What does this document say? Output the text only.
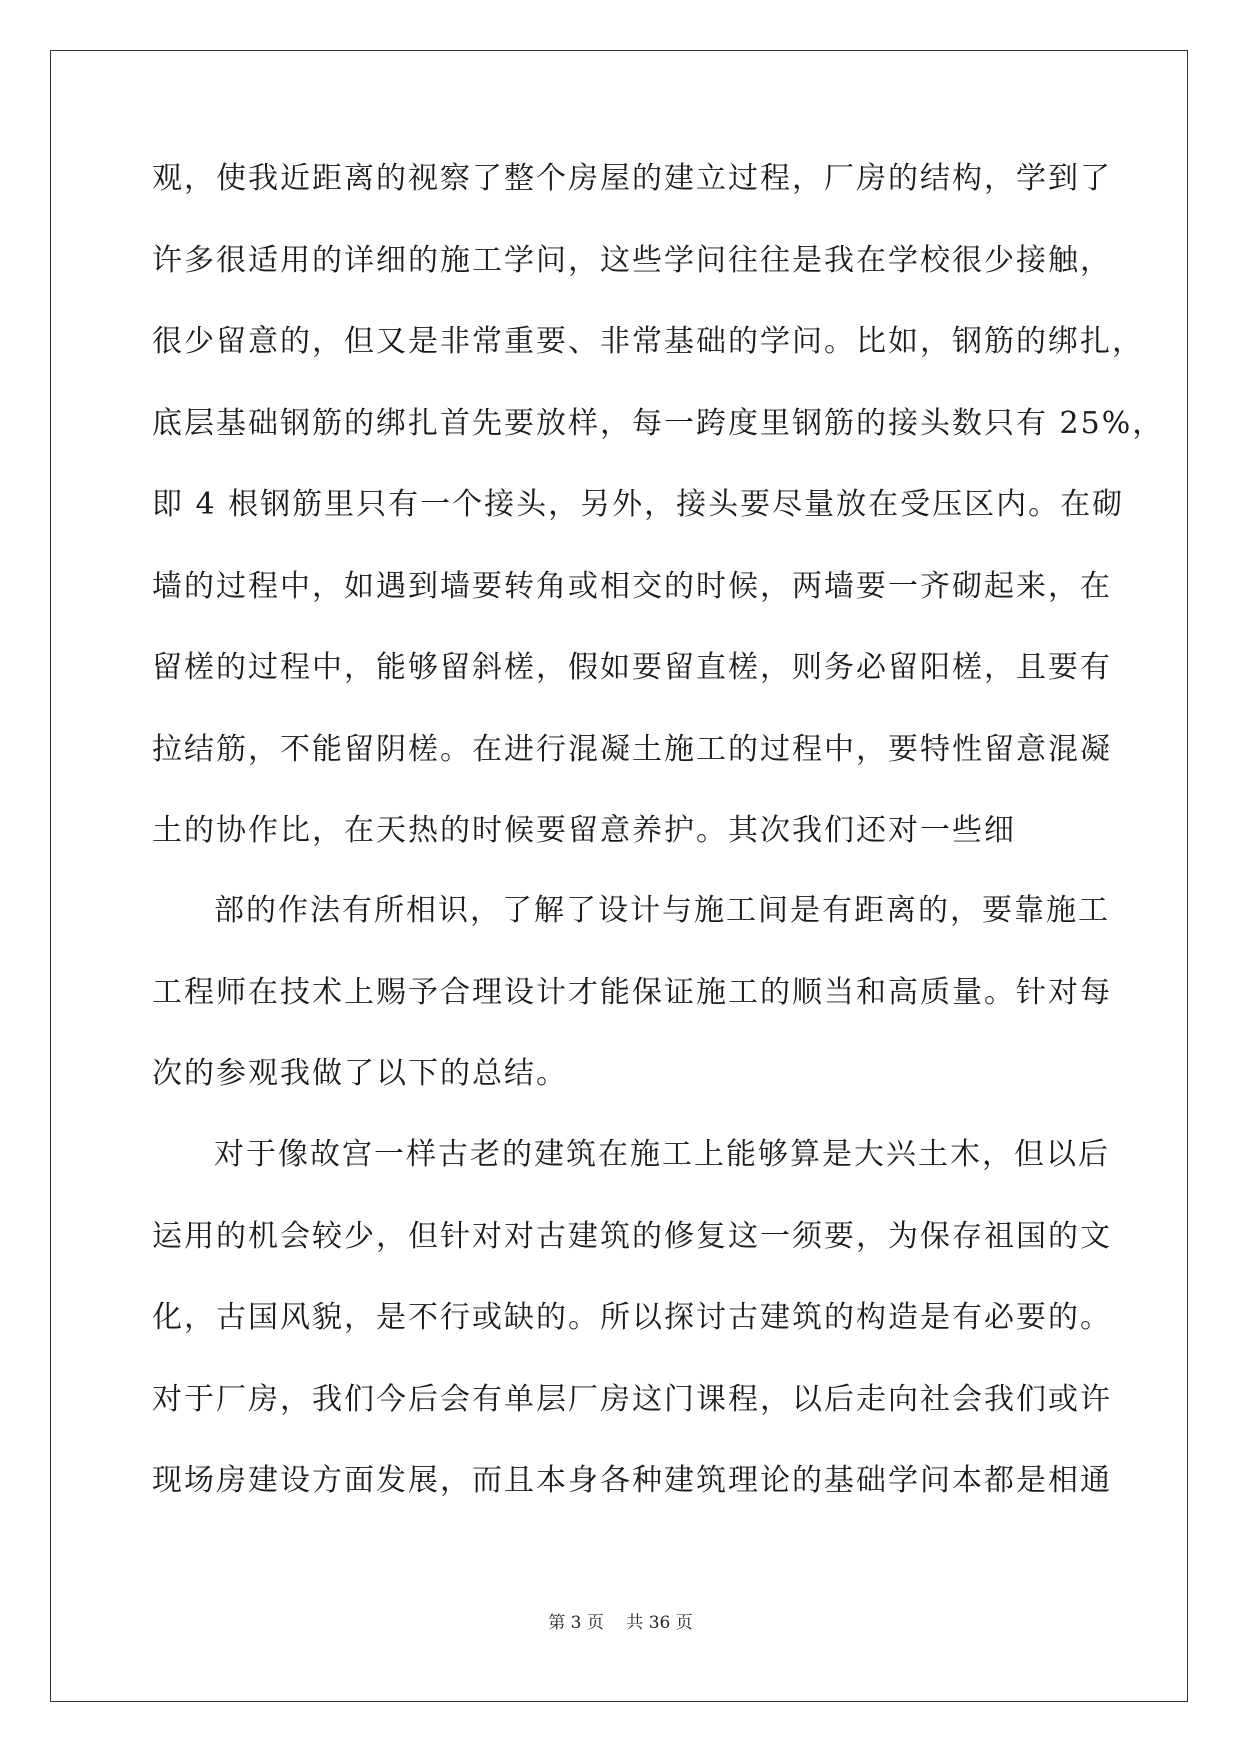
观，使我近距离的视察了整个房屋的建立过程，厂房的结构，学到了
许多很适用的详细的施工学问，这些学问往往是我在学校很少接触，
很少留意的，但又是非常重要、非常基础的学问。比如，钢筋的绑扎，
底层基础钢筋的绑扎首先要放样，每一跨度里钢筋的接头数只有 25%，
即 4 根钢筋里只有一个接头，另外，接头要尽量放在受压区内。在砌
墙的过程中，如遇到墙要转角或相交的时候，两墙要一齐砌起来，在
留槎的过程中，能够留斜槎，假如要留直槎，则务必留阳槎，且要有
拉结筋，不能留阴槎。在进行混凝土施工的过程中，要特性留意混凝
土的协作比，在天热的时候要留意养护。其次我们还对一些细
部的作法有所相识，了解了设计与施工间是有距离的，要靠施工
工程师在技术上赐予合理设计才能保证施工的顺当和高质量。针对每
次的参观我做了以下的总结。
对于像故宫一样古老的建筑在施工上能够算是大兴土木，但以后
运用的机会较少，但针对对古建筑的修复这一须要，为保存祖国的文
化，古国风貌，是不行或缺的。所以探讨古建筑的构造是有必要的。
对于厂房，我们今后会有单层厂房这门课程，以后走向社会我们或许
现场房建设方面发展，而且本身各种建筑理论的基础学问本都是相通
第 3 页　 共 36 页
